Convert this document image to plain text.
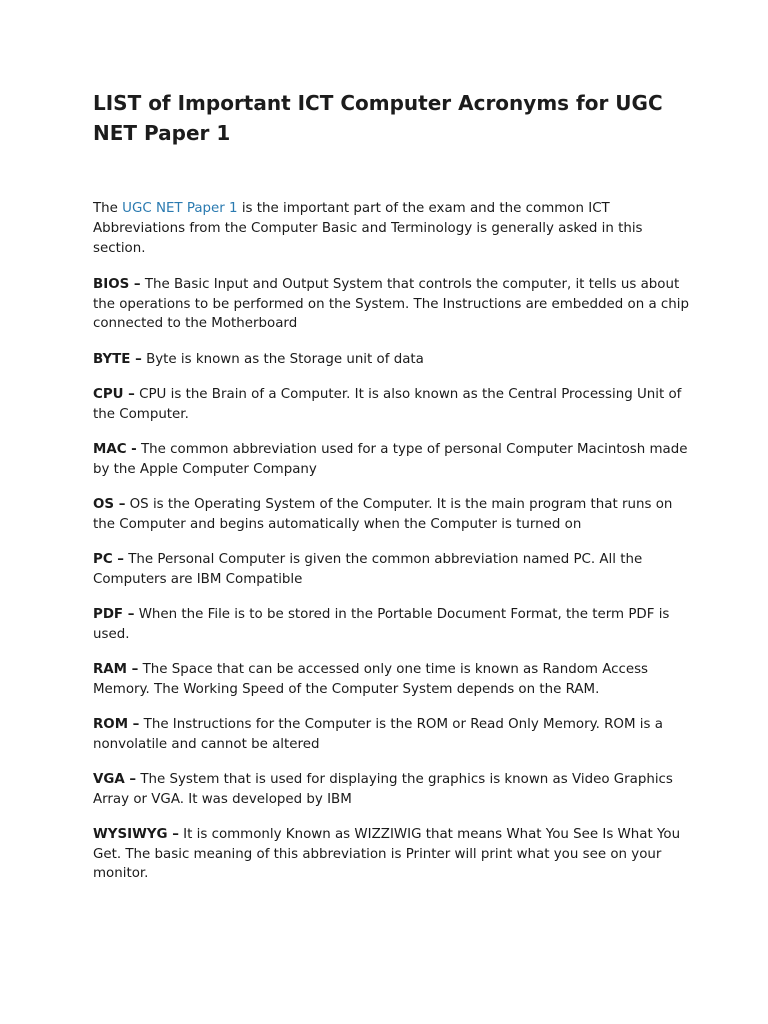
LIST of Important ICT Computer Acronyms for UGC NET Paper 1

The UGC NET Paper 1 is the important part of the exam and the common ICT Abbreviations from the Computer Basic and Terminology is generally asked in this section.

BIOS – The Basic Input and Output System that controls the computer, it tells us about the operations to be performed on the System. The Instructions are embedded on a chip connected to the Motherboard

BYTE – Byte is known as the Storage unit of data

CPU – CPU is the Brain of a Computer. It is also known as the Central Processing Unit of the Computer.

MAC - The common abbreviation used for a type of personal Computer Macintosh made by the Apple Computer Company

OS – OS is the Operating System of the Computer. It is the main program that runs on the Computer and begins automatically when the Computer is turned on

PC – The Personal Computer is given the common abbreviation named PC. All the Computers are IBM Compatible

PDF – When the File is to be stored in the Portable Document Format, the term PDF is used.

RAM – The Space that can be accessed only one time is known as Random Access Memory. The Working Speed of the Computer System depends on the RAM.

ROM – The Instructions for the Computer is the ROM or Read Only Memory. ROM is a nonvolatile and cannot be altered

VGA – The System that is used for displaying the graphics is known as Video Graphics Array or VGA. It was developed by IBM

WYSIWYG – It is commonly Known as WIZZIWIG that means What You See Is What You Get. The basic meaning of this abbreviation is Printer will print what you see on your monitor.
